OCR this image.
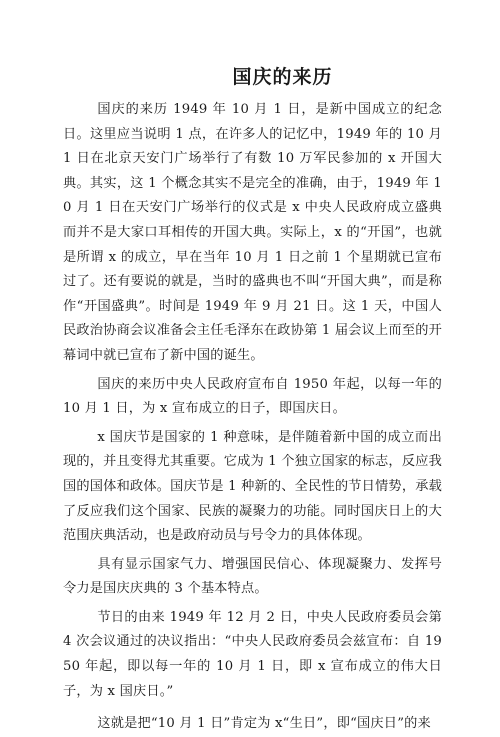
国庆的来历

国庆的来历 1949 年 10 月 1 日，是新中国成立的纪念日。这里应当说明 1 点，在许多人的记忆中，1949 年的 10 月 1 日在北京天安门广场举行了有数 10 万军民参加的 x 开国大典。其实，这 1 个概念其实不是完全的准确，由于，1949 年 10 月 1 日在天安门广场举行的仪式是 x 中央人民政府成立盛典而并不是大家口耳相传的开国大典。实际上，x 的“开国”，也就是所谓 x 的成立，早在当年 10 月 1 日之前 1 个星期就已宣布过了。还有要说的就是，当时的盛典也不叫“开国大典”，而是称作“开国盛典”。时间是 1949 年 9 月 21 日。这 1 天，中国人民政治协商会议准备会主任毛泽东在政协第 1 届会议上而至的开幕词中就已宣布了新中国的诞生。

国庆的来历中央人民政府宣布自 1950 年起，以每一年的 10 月 1 日，为 x 宣布成立的日子，即国庆日。

x 国庆节是国家的 1 种意味，是伴随着新中国的成立而出现的，并且变得尤其重要。它成为 1 个独立国家的标志，反应我国的国体和政体。国庆节是 1 种新的、全民性的节日情势，承载了反应我们这个国家、民族的凝聚力的功能。同时国庆日上的大范围庆典活动，也是政府动员与号令力的具体体现。

具有显示国家气力、增强国民信心、体现凝聚力、发挥号令力是国庆庆典的 3 个基本特点。

节日的由来 1949 年 12 月 2 日，中央人民政府委员会第 4 次会议通过的决议指出：“中央人民政府委员会兹宣布：自 1950 年起，即以每一年的 10 月 1 日，即 x 宣布成立的伟大日子，为 x 国庆日。”

这就是把“10 月 1 日”肯定为 x“生日”，即“国庆日”的来
